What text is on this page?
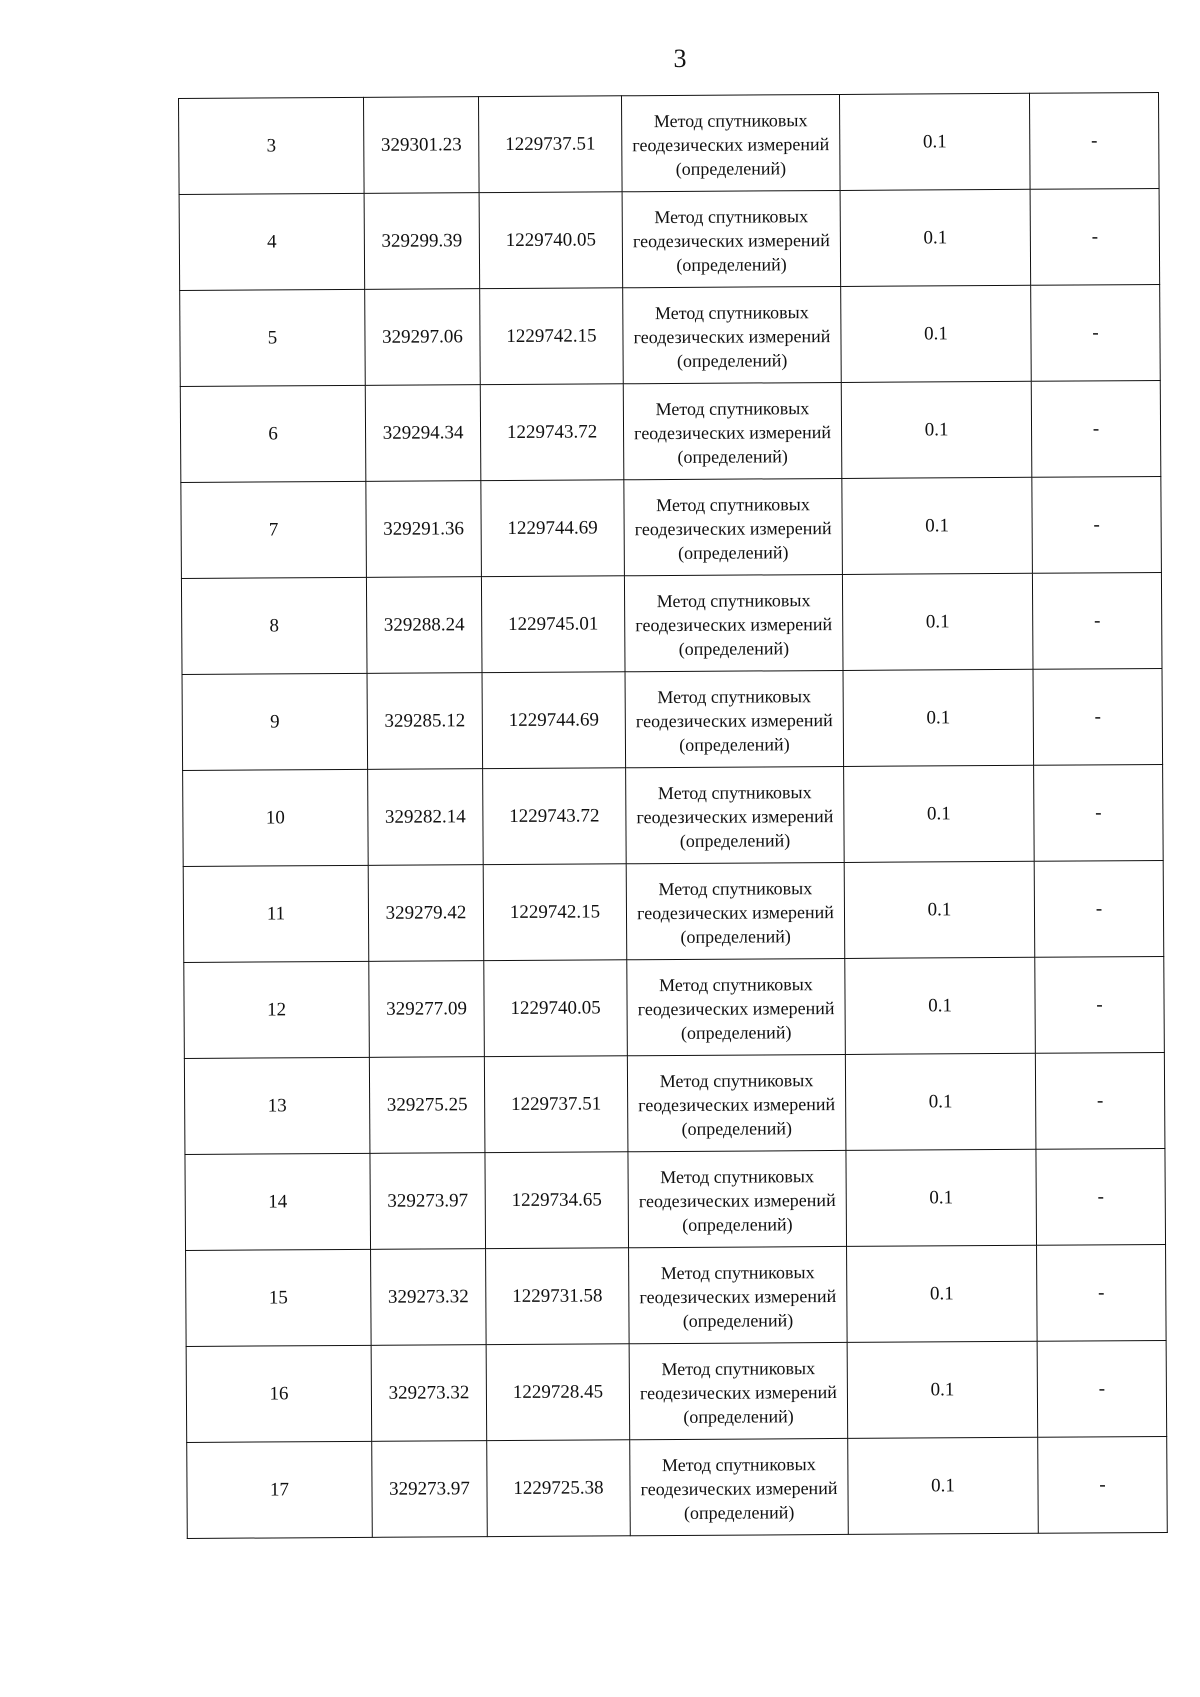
3
3	329301.23	1229737.51	Метод спутниковых геодезических измерений (определений)	0.1	-
4	329299.39	1229740.05	Метод спутниковых геодезических измерений (определений)	0.1	-
5	329297.06	1229742.15	Метод спутниковых геодезических измерений (определений)	0.1	-
6	329294.34	1229743.72	Метод спутниковых геодезических измерений (определений)	0.1	-
7	329291.36	1229744.69	Метод спутниковых геодезических измерений (определений)	0.1	-
8	329288.24	1229745.01	Метод спутниковых геодезических измерений (определений)	0.1	-
9	329285.12	1229744.69	Метод спутниковых геодезических измерений (определений)	0.1	-
10	329282.14	1229743.72	Метод спутниковых геодезических измерений (определений)	0.1	-
11	329279.42	1229742.15	Метод спутниковых геодезических измерений (определений)	0.1	-
12	329277.09	1229740.05	Метод спутниковых геодезических измерений (определений)	0.1	-
13	329275.25	1229737.51	Метод спутниковых геодезических измерений (определений)	0.1	-
14	329273.97	1229734.65	Метод спутниковых геодезических измерений (определений)	0.1	-
15	329273.32	1229731.58	Метод спутниковых геодезических измерений (определений)	0.1	-
16	329273.32	1229728.45	Метод спутниковых геодезических измерений (определений)	0.1	-
17	329273.97	1229725.38	Метод спутниковых геодезических измерений (определений)	0.1	-
